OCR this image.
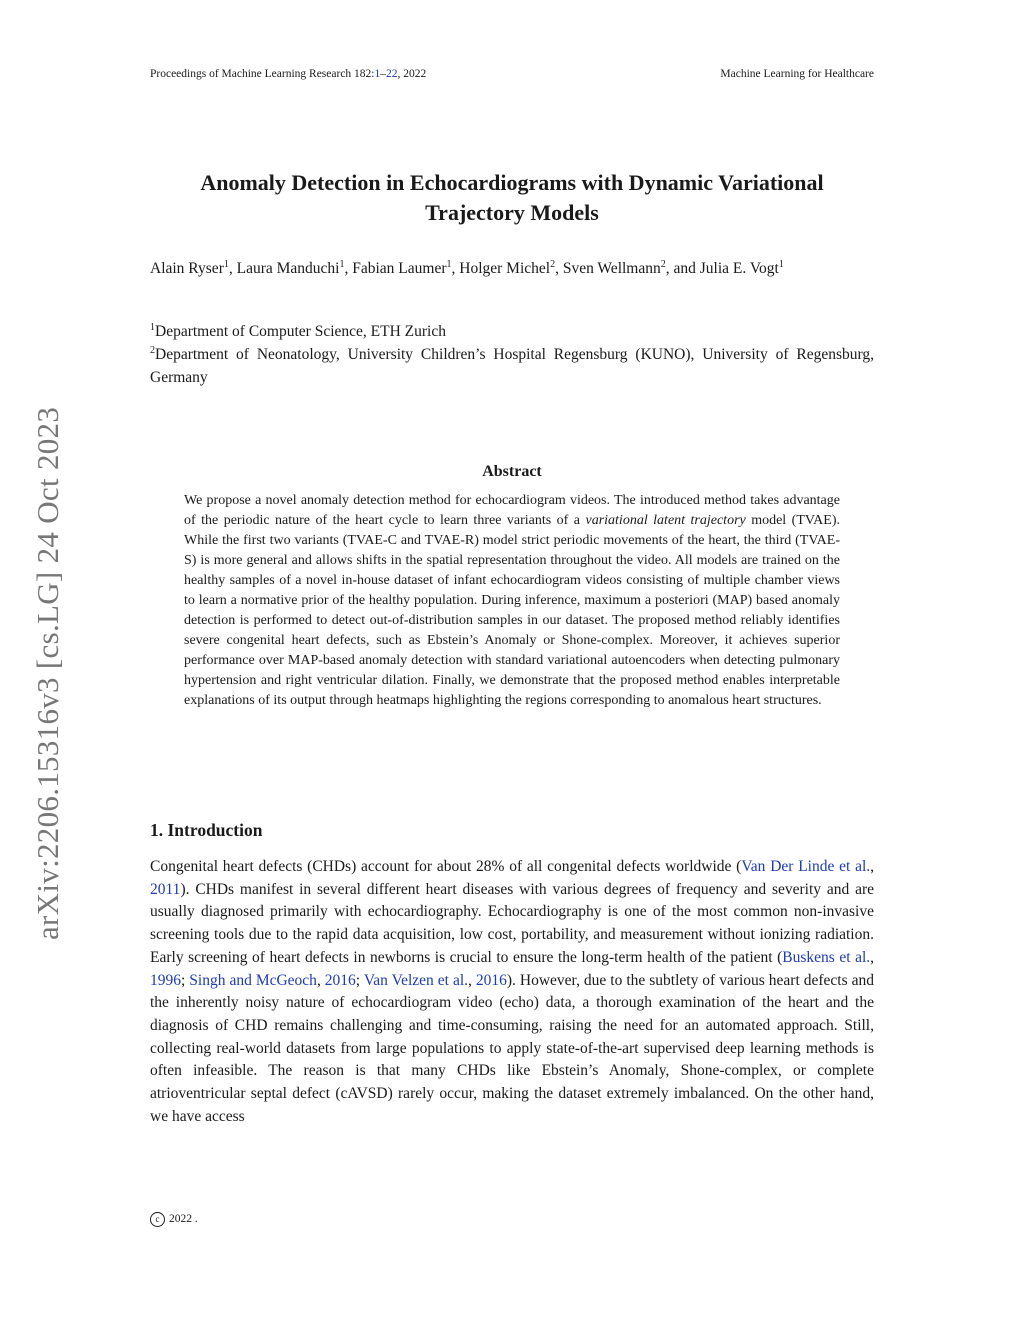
Proceedings of Machine Learning Research 182:1–22, 2022	Machine Learning for Healthcare
arXiv:2206.15316v3 [cs.LG] 24 Oct 2023
Anomaly Detection in Echocardiograms with Dynamic Variational Trajectory Models
Alain Ryser$^1$, Laura Manduchi$^1$, Fabian Laumer$^1$, Holger Michel$^2$, Sven Wellmann$^2$, and Julia E. Vogt$^1$
$^1$Department of Computer Science, ETH Zurich
$^2$Department of Neonatology, University Children’s Hospital Regensburg (KUNO), University of Regensburg, Germany
Abstract
We propose a novel anomaly detection method for echocardiogram videos. The introduced method takes advantage of the periodic nature of the heart cycle to learn three variants of a variational latent trajectory model (TVAE). While the first two variants (TVAE-C and TVAE-R) model strict periodic movements of the heart, the third (TVAE-S) is more general and allows shifts in the spatial representation throughout the video. All models are trained on the healthy samples of a novel in-house dataset of infant echocardiogram videos consisting of multiple chamber views to learn a normative prior of the healthy population. During inference, maximum a posteriori (MAP) based anomaly detection is performed to detect out-of-distribution samples in our dataset. The proposed method reliably identifies severe congenital heart defects, such as Ebstein’s Anomaly or Shone-complex. Moreover, it achieves superior performance over MAP-based anomaly detection with standard variational autoencoders when detecting pulmonary hypertension and right ventricular dilation. Finally, we demonstrate that the proposed method enables interpretable explanations of its output through heatmaps highlighting the regions corresponding to anomalous heart structures.
1. Introduction
Congenital heart defects (CHDs) account for about 28% of all congenital defects worldwide (Van Der Linde et al., 2011). CHDs manifest in several different heart diseases with various degrees of frequency and severity and are usually diagnosed primarily with echocardiography. Echocardiography is one of the most common non-invasive screening tools due to the rapid data acquisition, low cost, portability, and measurement without ionizing radiation. Early screening of heart defects in newborns is crucial to ensure the long-term health of the patient (Buskens et al., 1996; Singh and McGeoch, 2016; Van Velzen et al., 2016). However, due to the subtlety of various heart defects and the inherently noisy nature of echocardiogram video (echo) data, a thorough examination of the heart and the diagnosis of CHD remains challenging and time-consuming, raising the need for an automated approach. Still, collecting real-world datasets from large populations to apply state-of-the-art supervised deep learning methods is often infeasible. The reason is that many CHDs like Ebstein’s Anomaly, Shone-complex, or complete atrioventricular septal defect (cAVSD) rarely occur, making the dataset extremely imbalanced. On the other hand, we have access
c 2022 .
